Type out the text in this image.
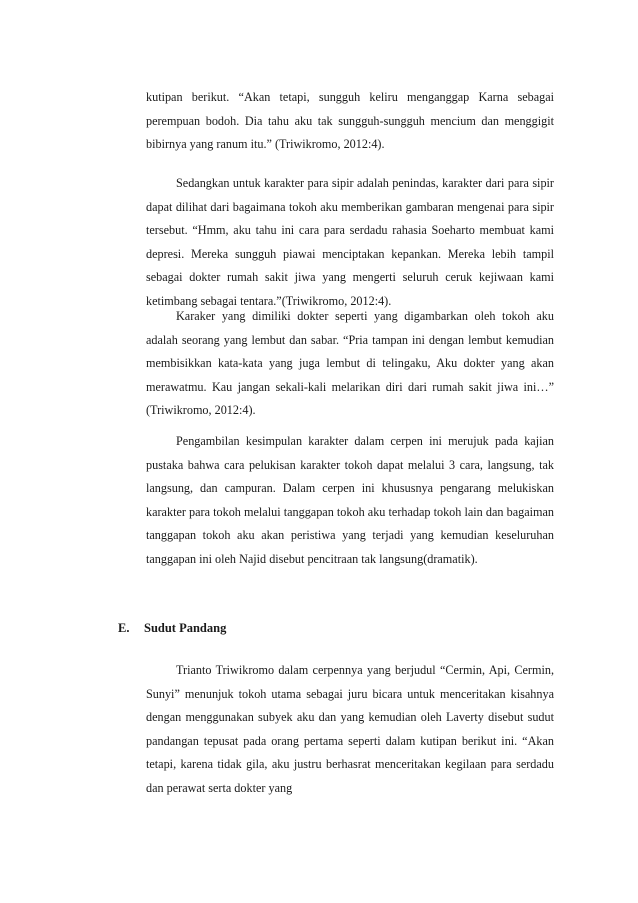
kutipan berikut. “Akan tetapi, sungguh keliru menganggap Karna sebagai perempuan bodoh. Dia tahu aku tak sungguh-sungguh mencium dan menggigit bibirnya yang ranum itu.” (Triwikromo, 2012:4).

Sedangkan untuk karakter para sipir adalah penindas, karakter dari para sipir dapat dilihat dari bagaimana tokoh aku memberikan gambaran mengenai para sipir tersebut. “Hmm, aku tahu ini cara para serdadu rahasia Soeharto membuat kami depresi. Mereka sungguh piawai menciptakan kepankan. Mereka lebih tampil sebagai dokter rumah sakit jiwa yang mengerti seluruh ceruk kejiwaan kami ketimbang sebagai tentara.”(Triwikromo, 2012:4).

Karaker yang dimiliki dokter seperti yang digambarkan oleh tokoh aku adalah seorang yang lembut dan sabar. “Pria tampan ini dengan lembut kemudian membisikkan kata-kata yang juga lembut di telingaku, Aku dokter yang akan merawatmu. Kau jangan sekali-kali melarikan diri dari rumah sakit jiwa ini…” (Triwikromo, 2012:4).

Pengambilan kesimpulan karakter dalam cerpen ini merujuk pada kajian pustaka bahwa cara pelukisan karakter tokoh dapat melalui 3 cara, langsung, tak langsung, dan campuran. Dalam cerpen ini khususnya pengarang melukiskan karakter para tokoh melalui tanggapan tokoh aku terhadap tokoh lain dan bagaiman tanggapan tokoh aku akan peristiwa yang terjadi yang kemudian keseluruhan tanggapan ini oleh Najid disebut pencitraan tak langsung(dramatik).

E. Sudut Pandang

Trianto Triwikromo dalam cerpennya yang berjudul “Cermin, Api, Cermin, Sunyi” menunjuk tokoh utama sebagai juru bicara untuk menceritakan kisahnya dengan menggunakan subyek aku dan yang kemudian oleh Laverty disebut sudut pandangan tepusat pada orang pertama seperti dalam kutipan berikut ini. “Akan tetapi, karena tidak gila, aku justru berhasrat menceritakan kegilaan para serdadu dan perawat serta dokter yang
